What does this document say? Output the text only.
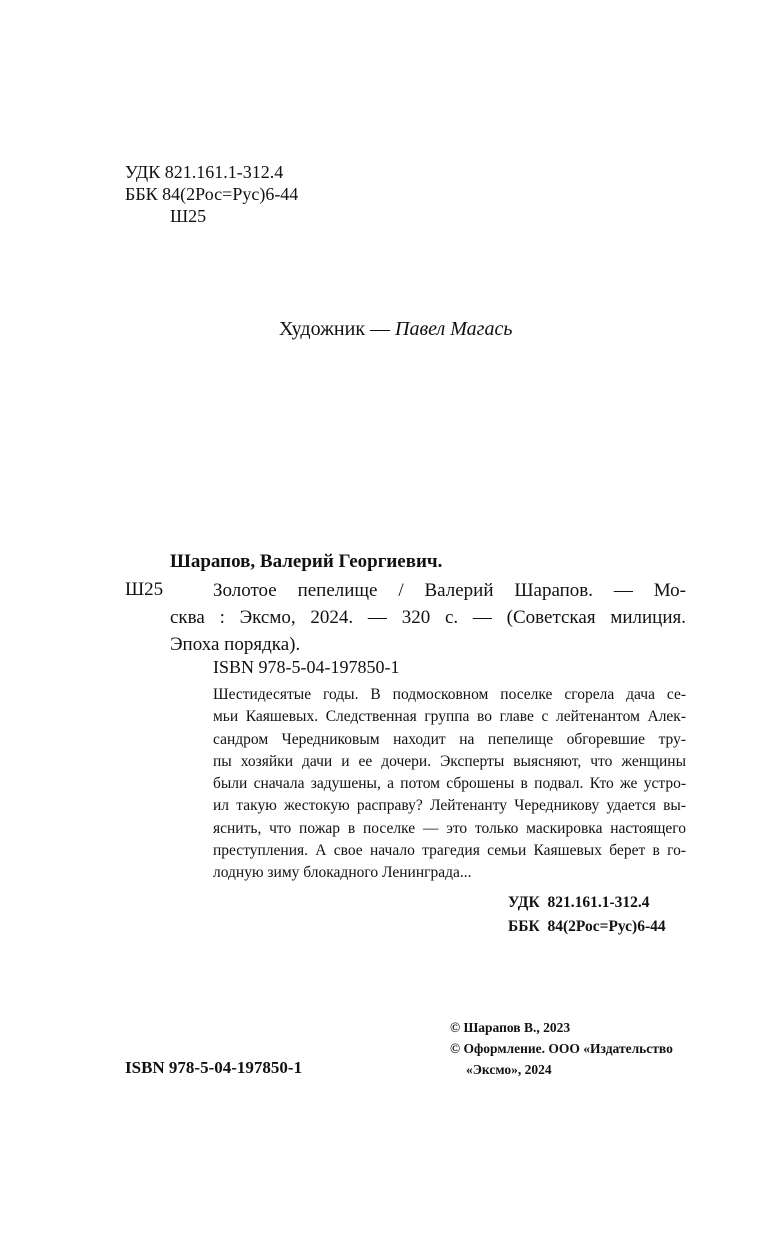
УДК 821.161.1-312.4
ББК 84(2Рос=Рус)6-44
Ш25
Художник — Павел Магась
Шарапов, Валерий Георгиевич.
Ш25	Золотое пепелище / Валерий Шарапов. — Мо-
сква : Эксмо, 2024. — 320 с. — (Советская милиция.
Эпоха порядка).
ISBN 978-5-04-197850-1
Шестидесятые годы. В подмосковном поселке сгорела дача се-
мьи Каяшевых. Следственная группа во главе с лейтенантом Алек-
сандром Чередниковым находит на пепелище обгоревшие тру-
пы хозяйки дачи и ее дочери. Эксперты выясняют, что женщины
были сначала задушены, а потом сброшены в подвал. Кто же устро-
ил такую жестокую расправу? Лейтенанту Чередникову удается вы-
яснить, что пожар в поселке — это только маскировка настоящего
преступления. А свое начало трагедия семьи Каяшевых берет в го-
лодную зиму блокадного Ленинграда...
УДК  821.161.1-312.4
ББК  84(2Рос=Рус)6-44
© Шарапов В., 2023
© Оформление. ООО «Издательство
«Эксмо», 2024
ISBN 978-5-04-197850-1
